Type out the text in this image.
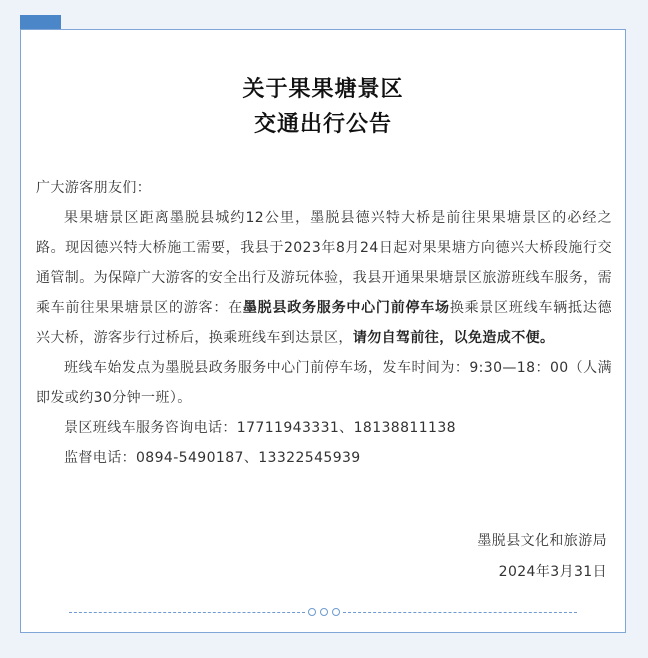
关于果果塘景区
交通出行公告

广大游客朋友们：

果果塘景区距离墨脱县城约12公里，墨脱县德兴特大桥是前往果果塘景区的必经之路。现因德兴特大桥施工需要，我县于2023年8月24日起对果果塘方向德兴大桥段施行交通管制。为保障广大游客的安全出行及游玩体验，我县开通果果塘景区旅游班线车服务，需乘车前往果果塘景区的游客：在墨脱县政务服务中心门前停车场换乘景区班线车辆抵达德兴大桥，游客步行过桥后，换乘班线车到达景区，请勿自驾前往，以免造成不便。

班线车始发点为墨脱县政务服务中心门前停车场，发车时间为：9:30—18：00（人满即发或约30分钟一班）。

景区班线车服务咨询电话：17711943331、18138811138

监督电话：0894-5490187、13322545939

墨脱县文化和旅游局
2024年3月31日
